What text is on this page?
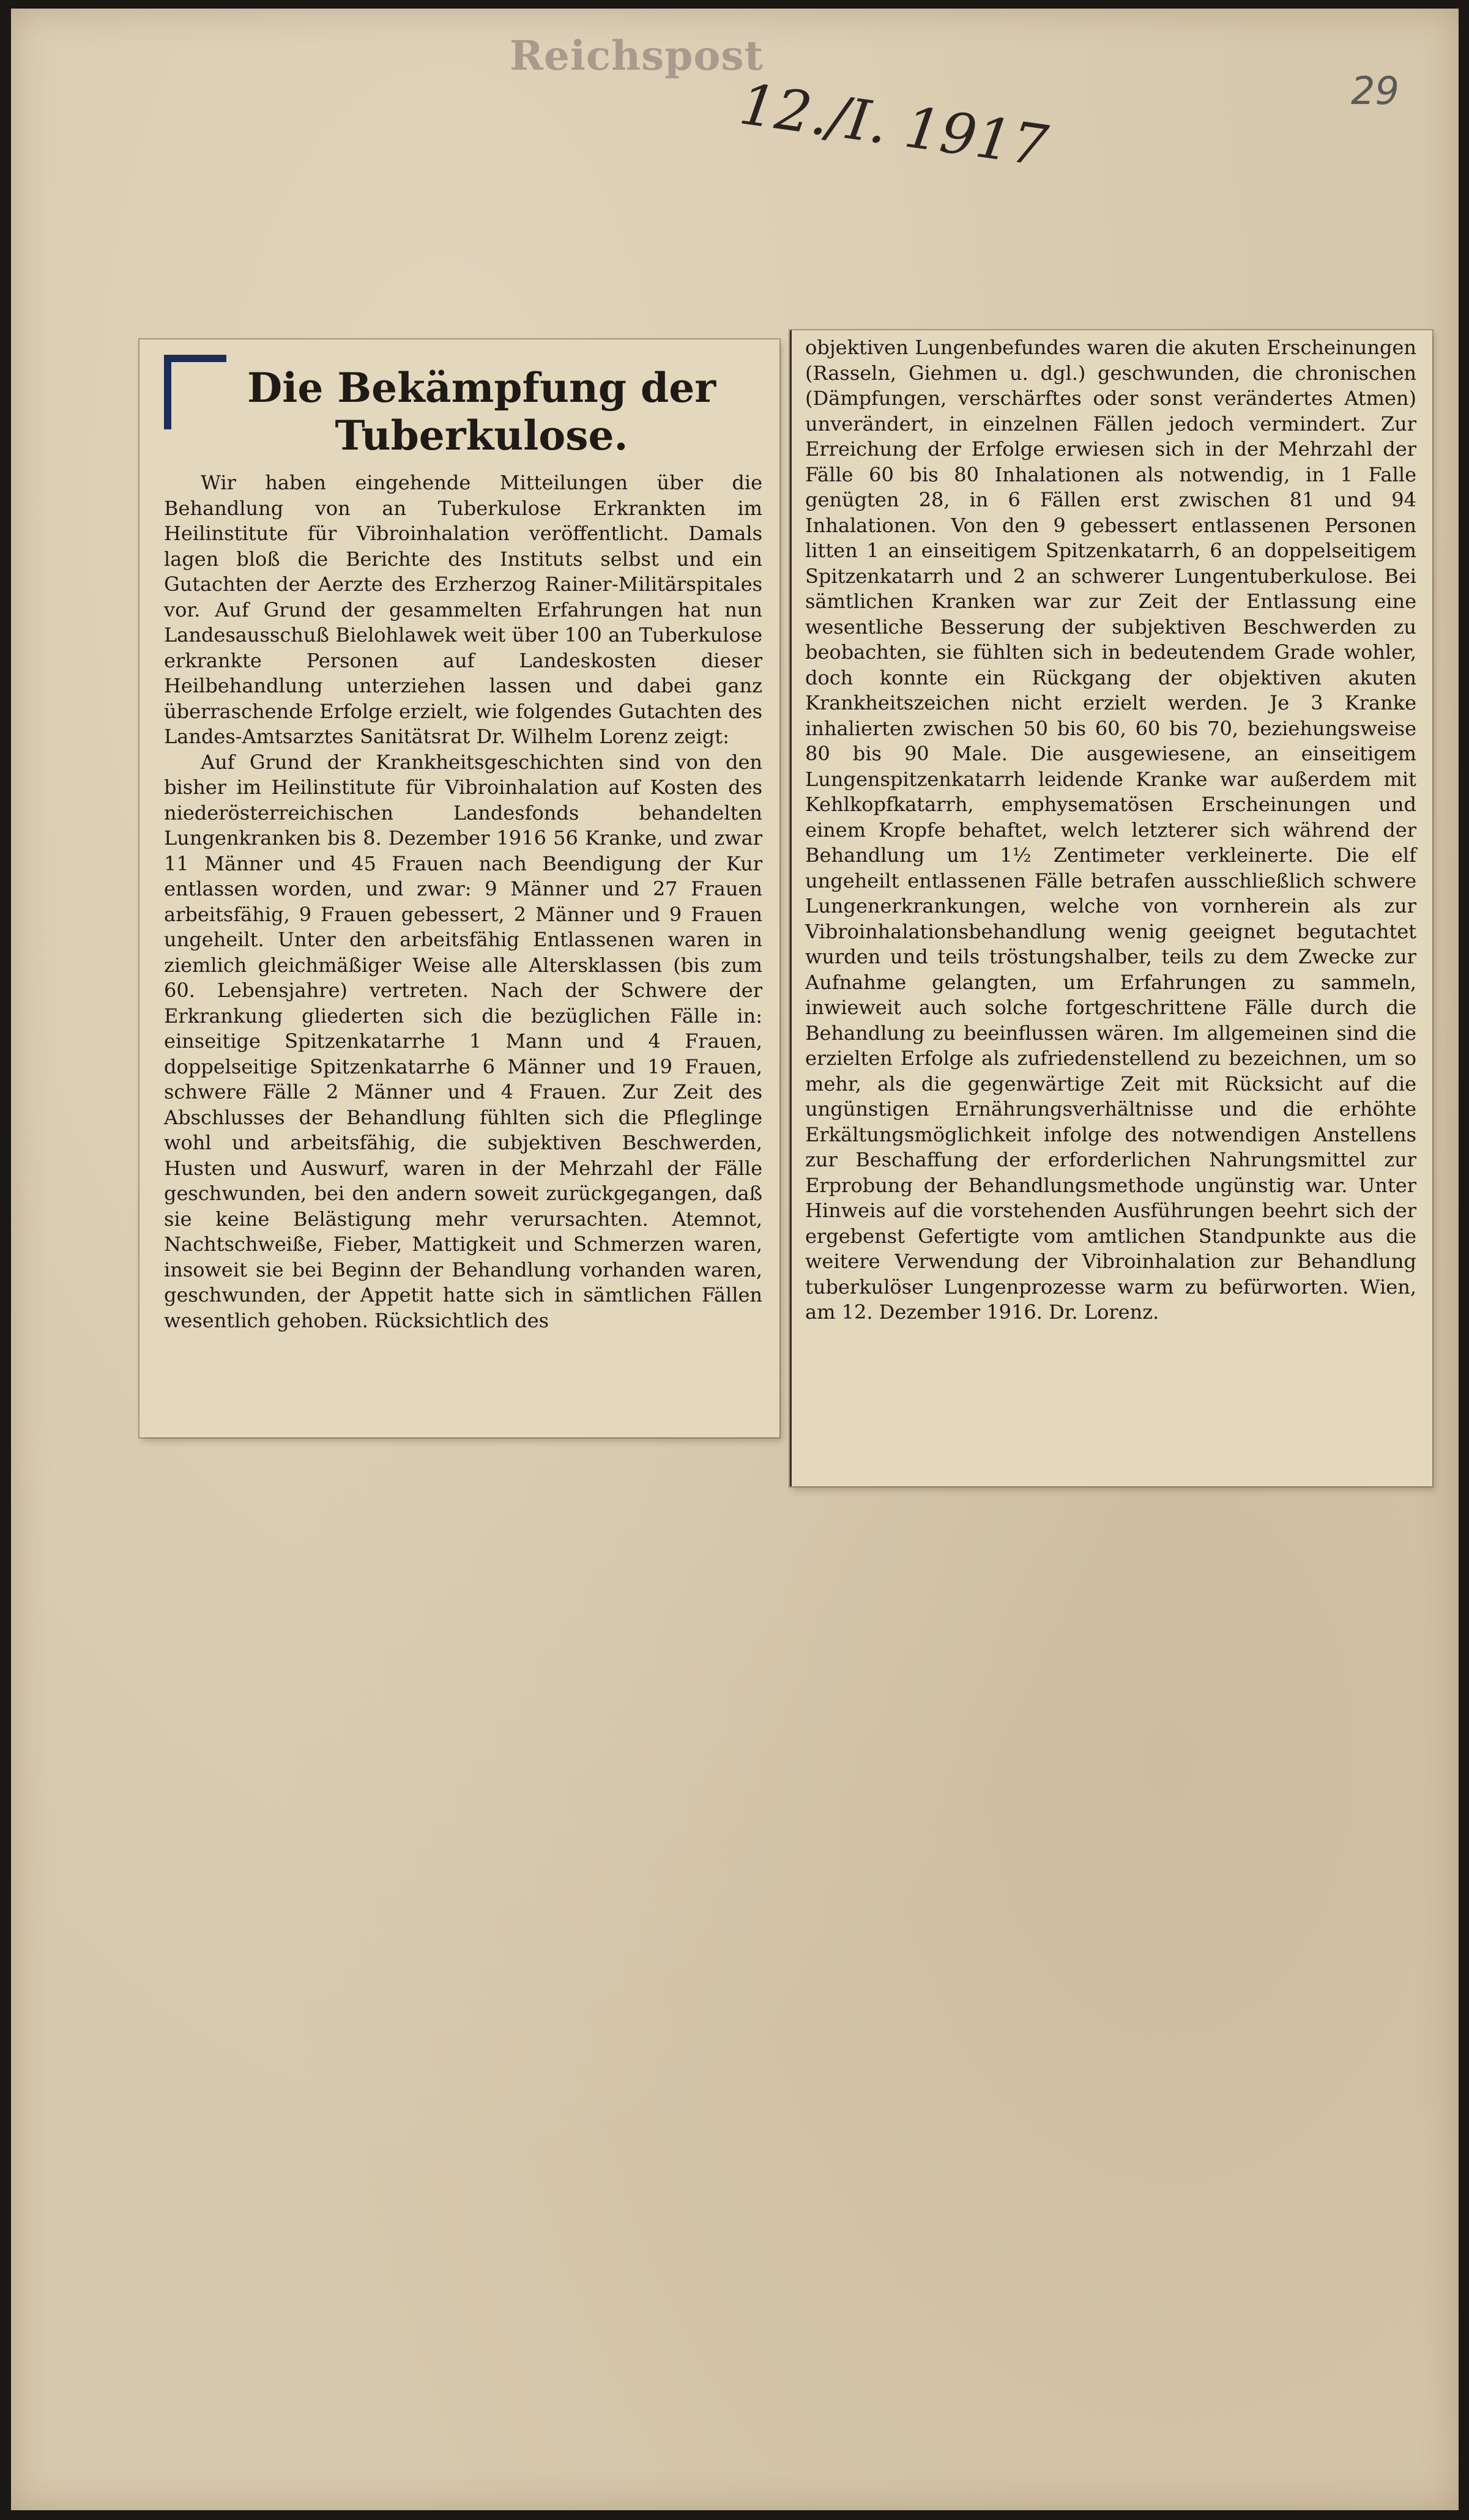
Reichspost
12./I. 1917	29
Die Bekämpfung der Tuberkulose.

Wir haben eingehende Mitteilungen über die Behandlung von an Tuberkulose Erkrankten im Heilinstitute für Vibroinhalation veröffentlicht. Damals lagen bloß die Berichte des Instituts selbst und ein Gutachten der Aerzte des Erzherzog Rainer-Militärspitales vor. Auf Grund der gesammelten Erfahrungen hat nun Landesausschuß Bielohlawek weit über 100 an Tuberkulose erkrankte Personen auf Landeskosten dieser Heilbehandlung unterziehen lassen und dabei ganz überraschende Erfolge erzielt, wie folgendes Gutachten des Landes-Amtsarztes Sanitätsrat Dr. Wilhelm Lorenz zeigt:

Auf Grund der Krankheitsgeschichten sind von den bisher im Heilinstitute für Vibroinhalation auf Kosten des niederösterreichischen Landesfonds behandelten Lungenkranken bis 8. Dezember 1916 56 Kranke, und zwar 11 Männer und 45 Frauen nach Beendigung der Kur entlassen worden, und zwar: 9 Männer und 27 Frauen arbeitsfähig, 9 Frauen gebessert, 2 Männer und 9 Frauen ungeheilt. Unter den arbeitsfähig Entlassenen waren in ziemlich gleichmäßiger Weise alle Altersklassen (bis zum 60. Lebensjahre) vertreten. Nach der Schwere der Erkrankung gliederten sich die bezüglichen Fälle in: einseitige Spitzenkatarrhe 1 Mann und 4 Frauen, doppelseitige Spitzenkatarrhe 6 Männer und 19 Frauen, schwere Fälle 2 Männer und 4 Frauen. Zur Zeit des Abschlusses der Behandlung fühlten sich die Pfleglinge wohl und arbeitsfähig, die subjektiven Beschwerden, Husten und Auswurf, waren in der Mehrzahl der Fälle geschwunden, bei den andern soweit zurückgegangen, daß sie keine Belästigung mehr verursachten. Atemnot, Nachtschweiße, Fieber, Mattigkeit und Schmerzen waren, insoweit sie bei Beginn der Behandlung vorhanden waren, geschwunden, der Appetit hatte sich in sämtlichen Fällen wesentlich gehoben. Rücksichtlich des

objektiven Lungenbefundes waren die akuten Erscheinungen (Rasseln, Giehmen u. dgl.) geschwunden, die chronischen (Dämpfungen, verschärftes oder sonst verändertes Atmen) unverändert, in einzelnen Fällen jedoch vermindert. Zur Erreichung der Erfolge erwiesen sich in der Mehrzahl der Fälle 60 bis 80 Inhalationen als notwendig, in 1 Falle genügten 28, in 6 Fällen erst zwischen 81 und 94 Inhalationen. Von den 9 gebessert entlassenen Personen litten 1 an einseitigem Spitzenkatarrh, 6 an doppelseitigem Spitzenkatarrh und 2 an schwerer Lungentuberkulose. Bei sämtlichen Kranken war zur Zeit der Entlassung eine wesentliche Besserung der subjektiven Beschwerden zu beobachten, sie fühlten sich in bedeutendem Grade wohler, doch konnte ein Rückgang der objektiven akuten Krankheitszeichen nicht erzielt werden. Je 3 Kranke inhalierten zwischen 50 bis 60, 60 bis 70, beziehungsweise 80 bis 90 Male. Die ausgewiesene, an einseitigem Lungenspitzenkatarrh leidende Kranke war außerdem mit Kehlkopfkatarrh, emphysematösen Erscheinungen und einem Kropfe behaftet, welch letzterer sich während der Behandlung um 1½ Zentimeter verkleinerte. Die elf ungeheilt entlassenen Fälle betrafen ausschließlich schwere Lungenerkrankungen, welche von vornherein als zur Vibroinhalationsbehandlung wenig geeignet begutachtet wurden und teils tröstungshalber, teils zu dem Zwecke zur Aufnahme gelangten, um Erfahrungen zu sammeln, inwieweit auch solche fortgeschrittene Fälle durch die Behandlung zu beeinflussen wären. Im allgemeinen sind die erzielten Erfolge als zufriedenstellend zu bezeichnen, um so mehr, als die gegenwärtige Zeit mit Rücksicht auf die ungünstigen Ernährungsverhältnisse und die erhöhte Erkältungsmöglichkeit infolge des notwendigen Anstellens zur Beschaffung der erforderlichen Nahrungsmittel zur Erprobung der Behandlungsmethode ungünstig war. Unter Hinweis auf die vorstehenden Ausführungen beehrt sich der ergebenst Gefertigte vom amtlichen Standpunkte aus die weitere Verwendung der Vibroinhalation zur Behandlung tuberkulöser Lungenprozesse warm zu befürworten. Wien, am 12. Dezember 1916. Dr. Lorenz.
